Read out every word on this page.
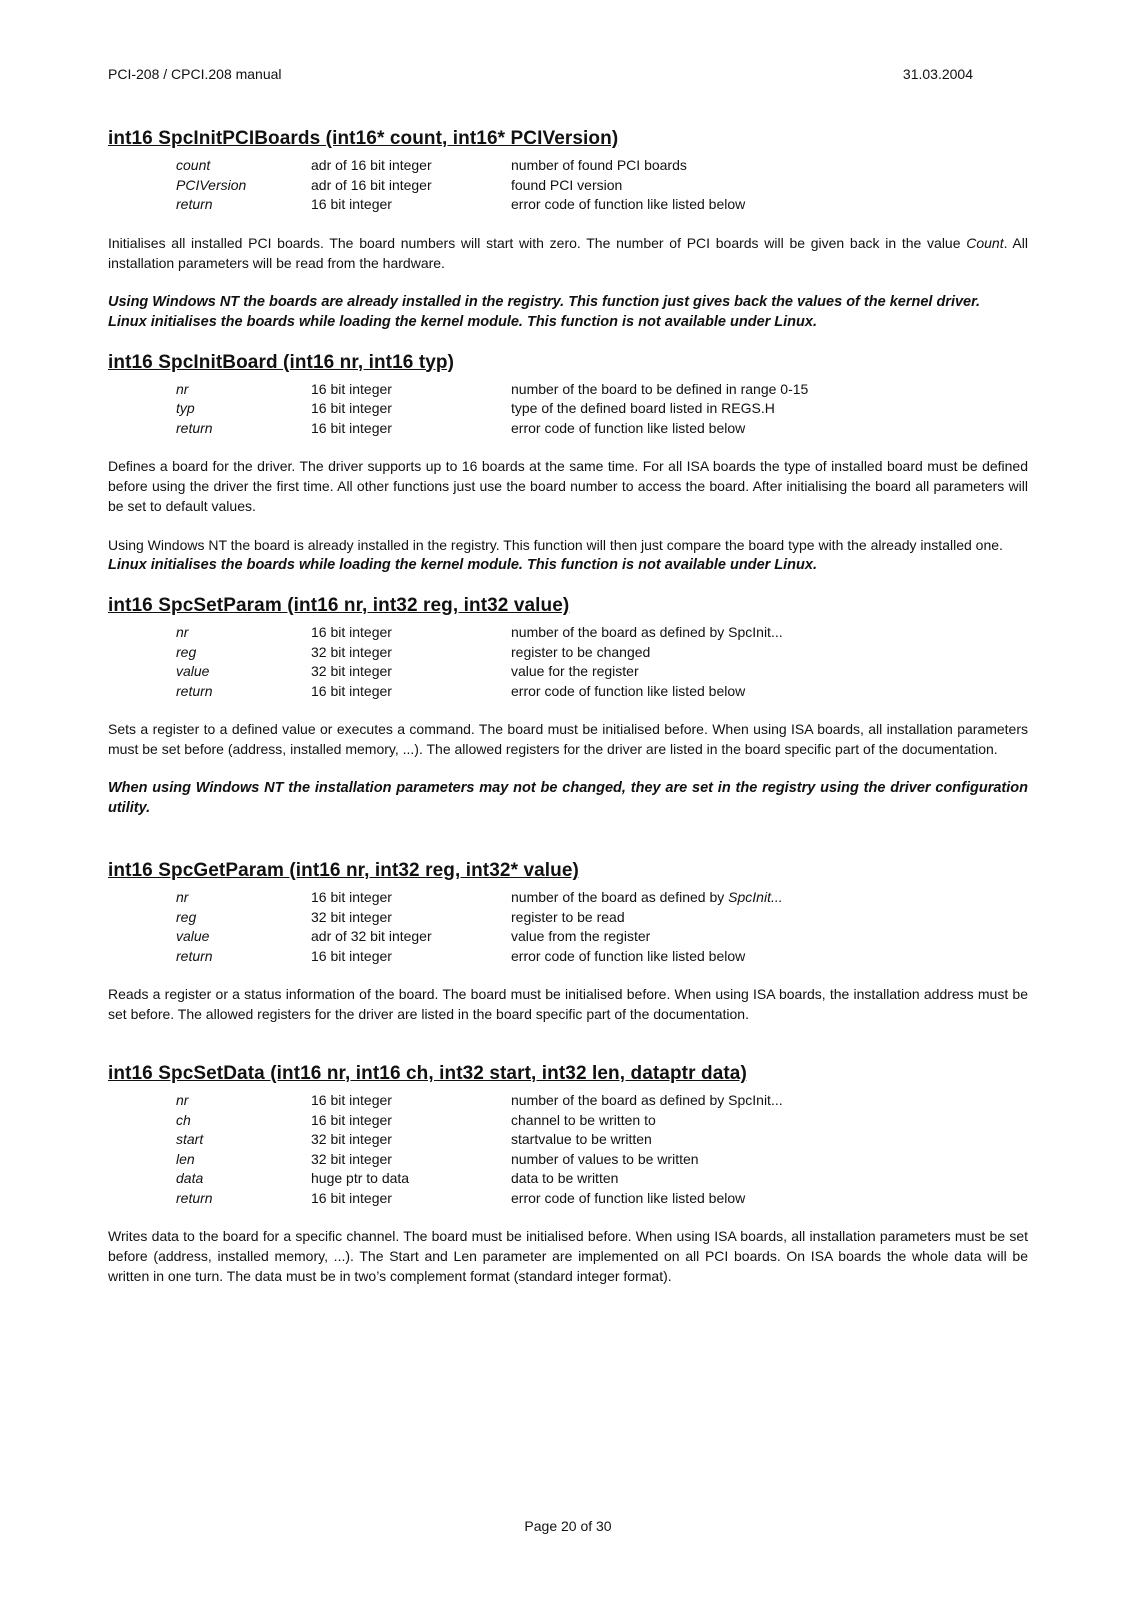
PCI-208 / CPCI.208 manual	31.03.2004
int16 SpcInitPCIBoards (int16* count, int16* PCIVersion)
count	adr of 16 bit integer	number of found PCI boards
PCIVersion	adr of 16 bit integer	found PCI version
return	16 bit integer	error code of function like listed below

Initialises all installed PCI boards. The board numbers will start with zero. The number of PCI boards will be given back in the value Count. All installation parameters will be read from the hardware.

Using Windows NT the boards are already installed in the registry. This function just gives back the values of the kernel driver.

Linux initialises the boards while loading the kernel module. This function is not available under Linux.

int16 SpcInitBoard (int16 nr, int16 typ)
nr	16 bit integer	number of the board to be defined in range 0-15
typ	16 bit integer	type of the defined board listed in REGS.H
return	16 bit integer	error code of function like listed below

Defines a board for the driver. The driver supports up to 16 boards at the same time. For all ISA boards the type of installed board must be defined before using the driver the first time. All other functions just use the board number to access the board. After initialising the board all parameters will be set to default values.

Using Windows NT the board is already installed in the registry. This function will then just compare the board type with the already installed one.

Linux initialises the boards while loading the kernel module. This function is not available under Linux.

int16 SpcSetParam (int16 nr, int32 reg, int32 value)
nr	16 bit integer	number of the board as defined by SpcInit...
reg	32 bit integer	register to be changed
value	32 bit integer	value for the register
return	16 bit integer	error code of function like listed below

Sets a register to a defined value or executes a command. The board must be initialised before. When using ISA boards, all installation parameters must be set before (address, installed memory, ...). The allowed registers for the driver are listed in the board specific part of the documentation.

When using Windows NT the installation parameters may not be changed, they are set in the registry using the driver configuration utility.

int16 SpcGetParam (int16 nr, int32 reg, int32* value)
nr	16 bit integer	number of the board as defined by SpcInit...
reg	32 bit integer	register to be read
value	adr of 32 bit integer	value from the register
return	16 bit integer	error code of function like listed below

Reads a register or a status information of the board. The board must be initialised before. When using ISA boards, the installation address must be set before. The allowed registers for the driver are listed in the board specific part of the documentation.

int16 SpcSetData (int16 nr, int16 ch, int32 start, int32 len, dataptr data)
nr	16 bit integer	number of the board as defined by SpcInit...
ch	16 bit integer	channel to be written to
start	32 bit integer	startvalue to be written
len	32 bit integer	number of values to be written
data	huge ptr to data	data to be written
return	16 bit integer	error code of function like listed below

Writes data to the board for a specific channel. The board must be initialised before. When using ISA boards, all installation parameters must be set before (address, installed memory, ...). The Start and Len parameter are implemented on all PCI boards. On ISA boards the whole data will be written in one turn. The data must be in two’s complement format (standard integer format).

Page 20 of 30
